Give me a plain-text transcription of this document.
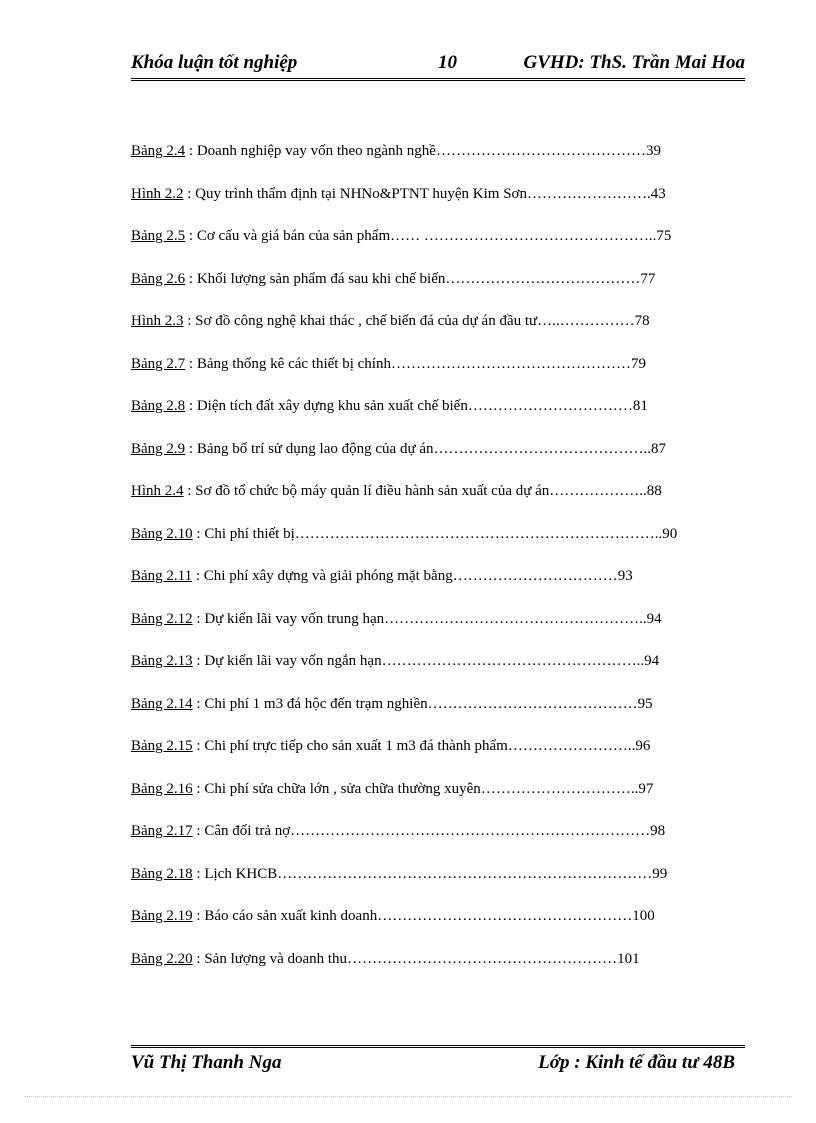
Khóa luận tốt nghiệp	10	GVHD: ThS. Trần Mai Hoa
Bảng 2.4 : Doanh nghiệp vay vốn theo ngành nghề……………………………………39
Hình 2.2 : Quy trình thẩm định tại NHNo&PTNT huyện Kim Sơn…………………….43
Bảng 2.5 : Cơ cấu và giá bán của sản phẩm…… ………………………………………..75
Bảng 2.6 : Khối lượng sản phẩm đá sau khi chế biến…………………………………77
Hình 2.3 : Sơ đồ công nghệ khai thác , chế biến đá của dự án đầu tư…..……………78
Bảng 2.7 : Bảng thống kê các thiết bị chính…………………………………………79
Bảng 2.8 : Diện tích đất xây dựng khu sản xuất chế biến……………………………81
Bảng 2.9 : Bảng bố trí sử dụng lao động của dự án……………………………………..87
Hình 2.4 : Sơ đồ tổ chức bộ máy quản lí điều hành sản xuất của dự án………………..88
Bảng 2.10 : Chi phí thiết bị………………………………………………………………..90
Bảng 2.11 : Chi phí xây dựng và giải phóng mặt bằng……………………………93
Bảng 2.12 : Dự kiến lãi vay vốn trung hạn……………………………………………..94
Bảng 2.13 : Dự kiến lãi vay vốn ngắn hạn……………………………………………..94
Bảng 2.14 : Chi phí 1 m3 đá hộc đến trạm nghiền……………………………………95
Bảng 2.15 : Chi phí trực tiếp cho sản xuất 1 m3 đá thành phẩm……………………..96
Bảng 2.16 : Chi phí sửa chữa lớn , sửa chữa thường xuyên…………………………..97
Bảng 2.17 : Cân đối trả nợ………………………………………………………………98
Bảng 2.18 : Lịch KHCB…………………………………………………………………99
Bảng 2.19 : Báo cáo sản xuất kinh doanh……………………………………………100
Bảng 2.20 : Sản lượng và doanh thu………………………………………………101
Vũ Thị Thanh Nga	Lớp : Kinh tế đầu tư 48B
